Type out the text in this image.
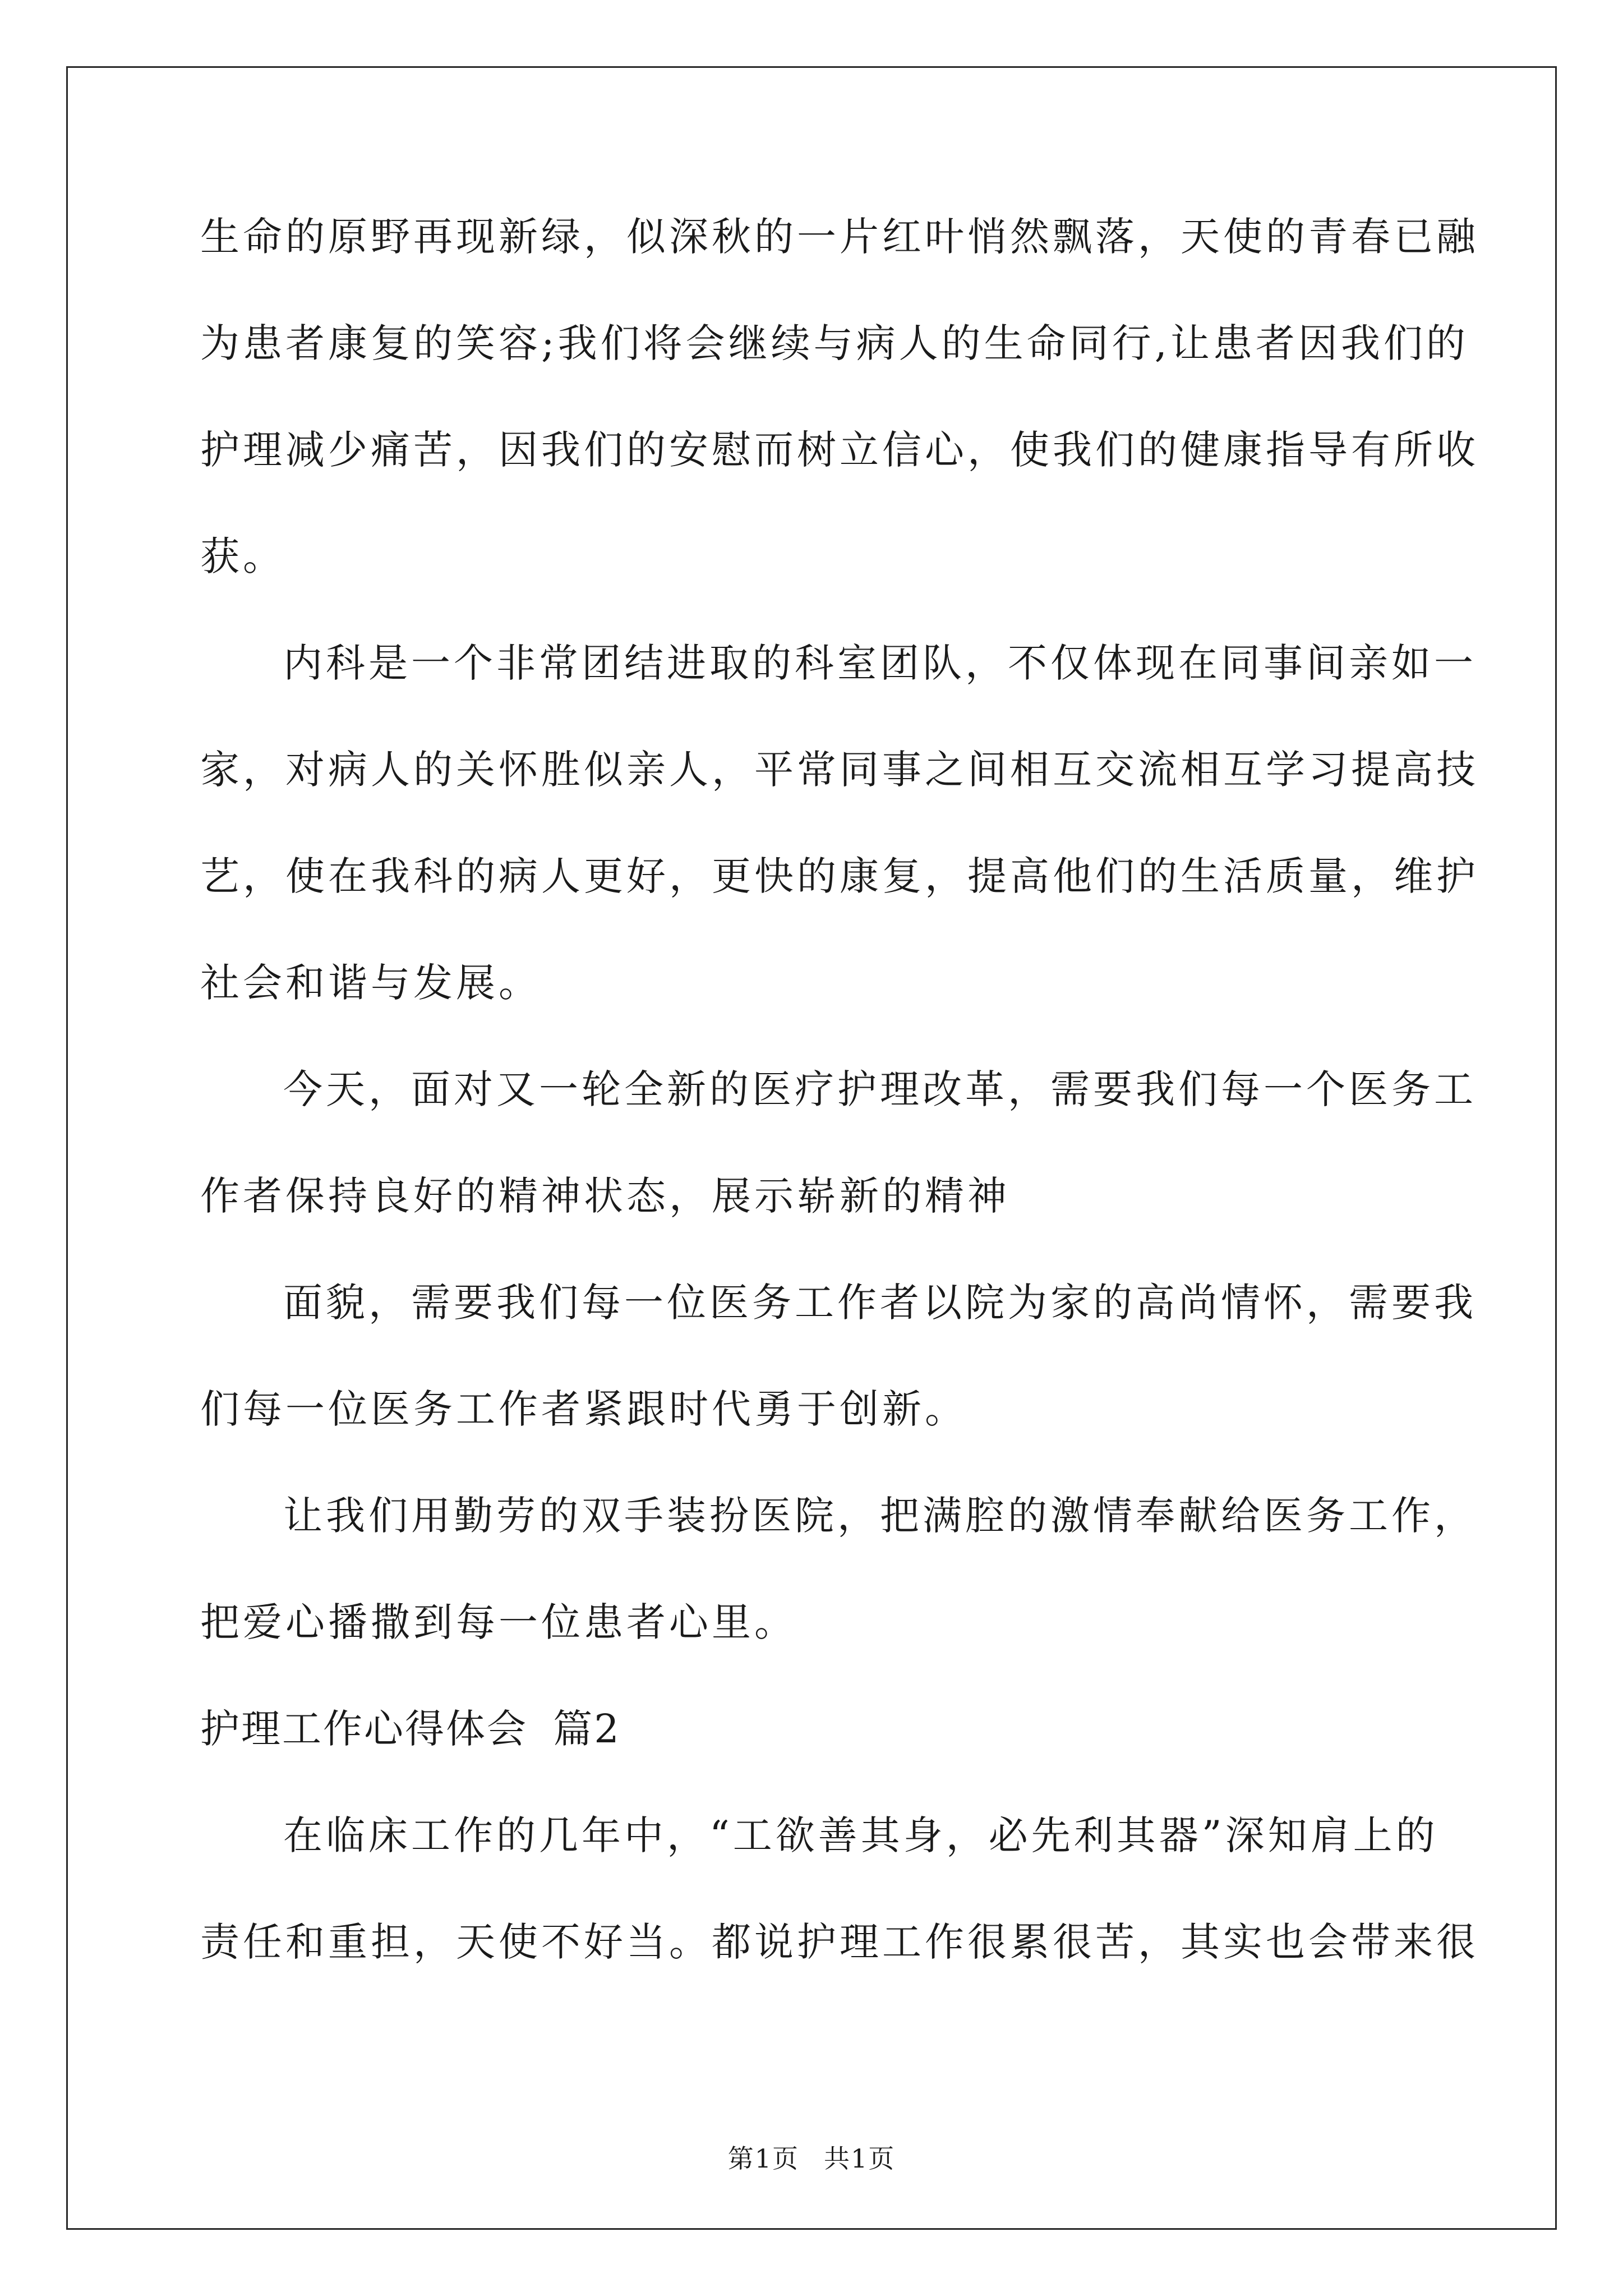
生命的原野再现新绿，似深秋的一片红叶悄然飘落，天使的青春已融
为患者康复的笑容;我们将会继续与病人的生命同行,让患者因我们的
护理减少痛苦，因我们的安慰而树立信心，使我们的健康指导有所收
获。
内科是一个非常团结进取的科室团队，不仅体现在同事间亲如一
家，对病人的关怀胜似亲人，平常同事之间相互交流相互学习提高技
艺，使在我科的病人更好，更快的康复，提高他们的生活质量，维护
社会和谐与发展。
今天，面对又一轮全新的医疗护理改革，需要我们每一个医务工
作者保持良好的精神状态，展示崭新的精神
面貌，需要我们每一位医务工作者以院为家的高尚情怀，需要我
们每一位医务工作者紧跟时代勇于创新。
让我们用勤劳的双手装扮医院，把满腔的激情奉献给医务工作，
把爱心播撒到每一位患者心里。
护理工作心得体会 篇2
在临床工作的几年中，“工欲善其身，必先利其器”深知肩上的
责任和重担，天使不好当。都说护理工作很累很苦，其实也会带来很
第1页 共1页
